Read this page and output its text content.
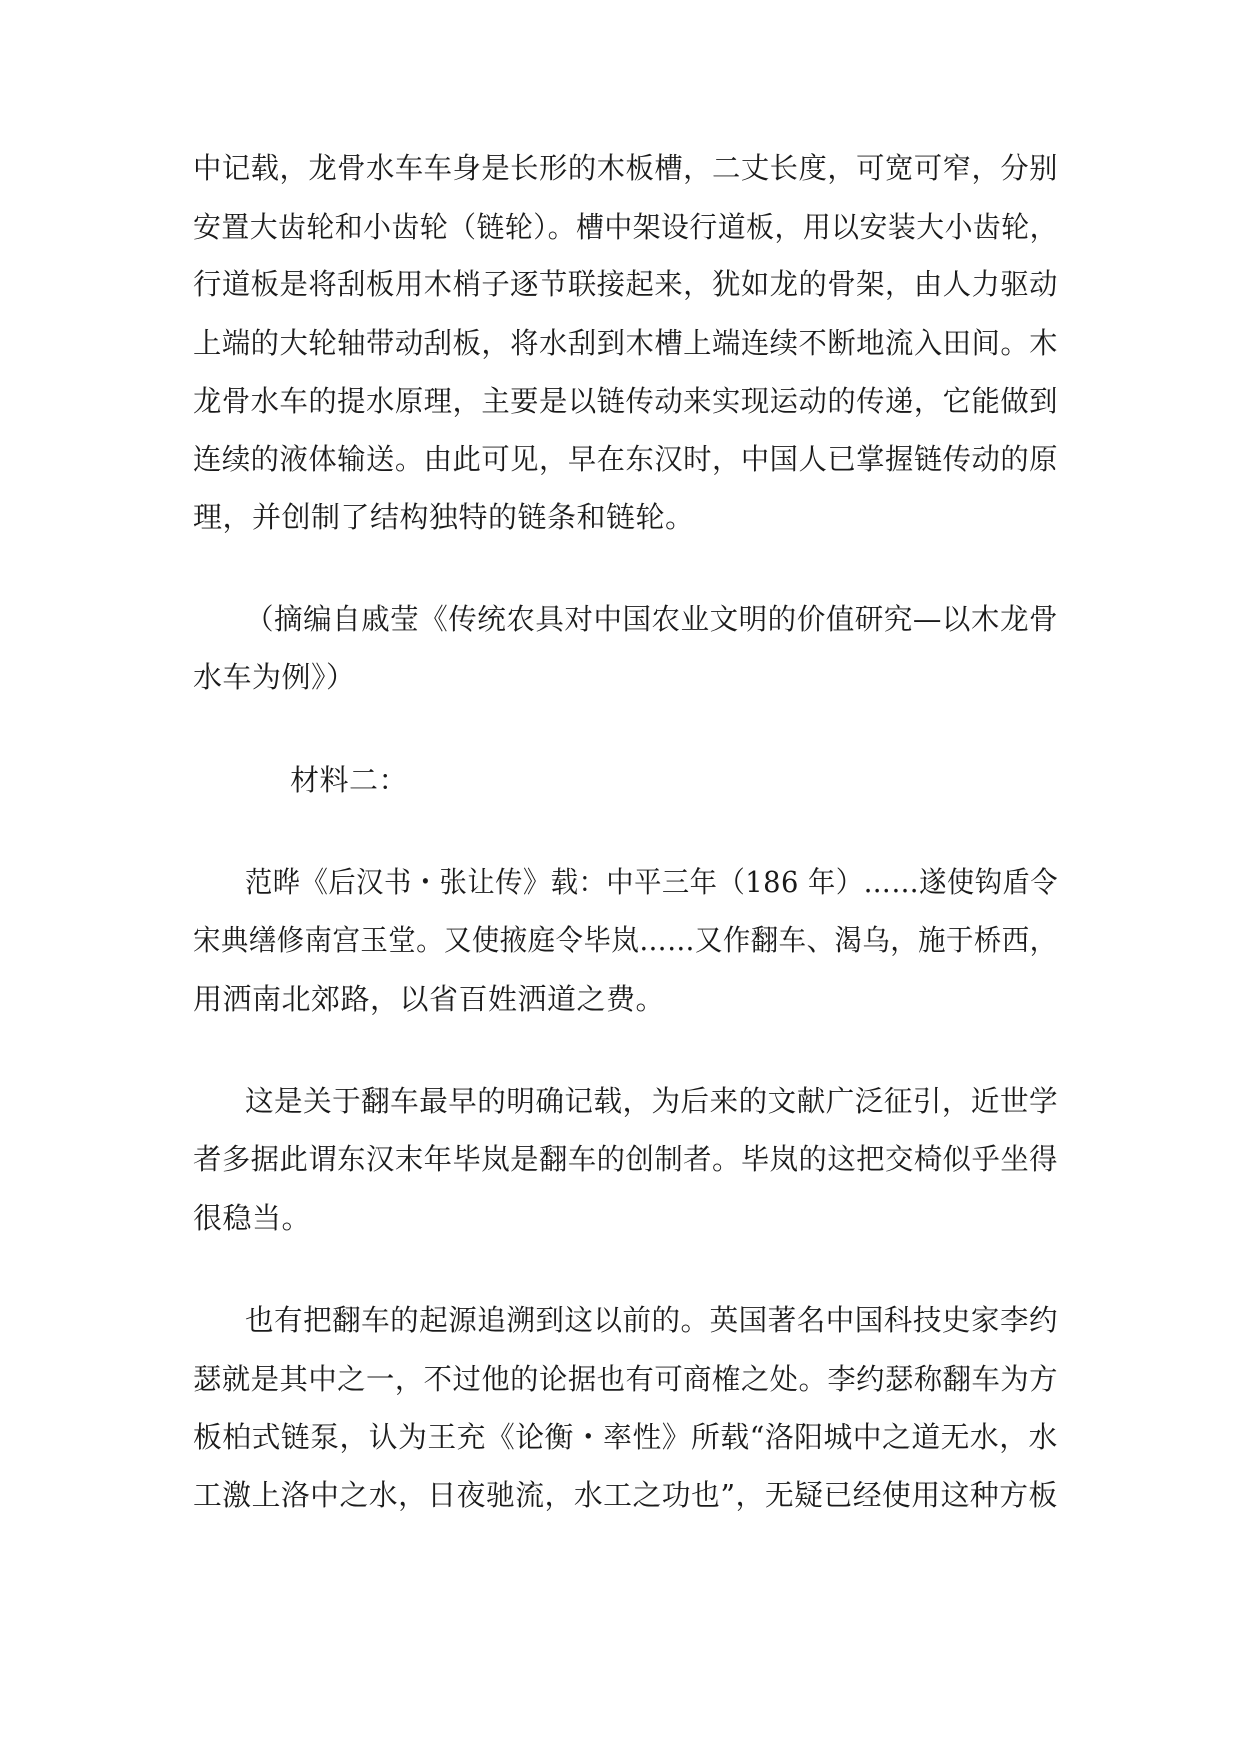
中记载，龙骨水车车身是长形的木板槽，二丈长度，可宽可窄，分别
安置大齿轮和小齿轮（链轮）。槽中架设行道板，用以安装大小齿轮，
行道板是将刮板用木梢子逐节联接起来，犹如龙的骨架，由人力驱动
上端的大轮轴带动刮板，将水刮到木槽上端连续不断地流入田间。木
龙骨水车的提水原理，主要是以链传动来实现运动的传递，它能做到
连续的液体输送。由此可见，早在东汉时，中国人已掌握链传动的原
理，并创制了结构独特的链条和链轮。
（摘编自戚莹《传统农具对中国农业文明的价值研究—以木龙骨
水车为例》）
材料二：
范晔《后汉书・张让传》载：中平三年（186 年）……遂使钩盾令
宋典缮修南宫玉堂。又使掖庭令毕岚……又作翻车、渴乌，施于桥西，
用洒南北郊路，以省百姓洒道之费。
这是关于翻车最早的明确记载，为后来的文献广泛征引，近世学
者多据此谓东汉末年毕岚是翻车的创制者。毕岚的这把交椅似乎坐得
很稳当。
也有把翻车的起源追溯到这以前的。英国著名中国科技史家李约
瑟就是其中之一，不过他的论据也有可商榷之处。李约瑟称翻车为方
板柏式链泵，认为王充《论衡・率性》所载“洛阳城中之道无水，水
工激上洛中之水，日夜驰流，水工之功也”，无疑已经使用这种方板
